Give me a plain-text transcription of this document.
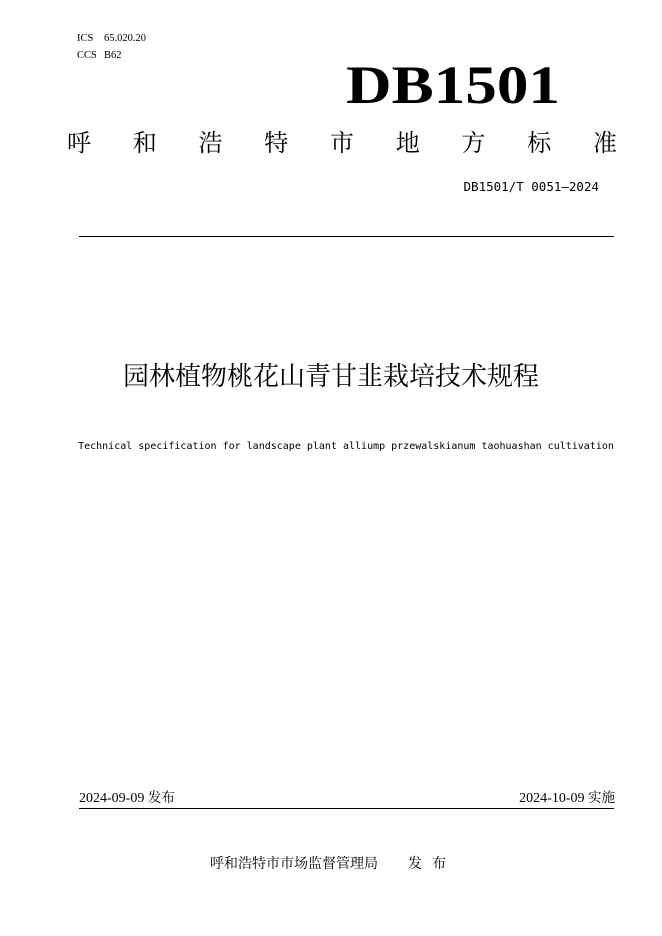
ICS 65.020.20
CCS B62	DB1501
呼 和 浩 特 市 地 方 标 准
DB1501/T 0051—2024
园林植物桃花山青甘韭栽培技术规程
Technical specification for landscape plant alliump przewalskianum taohuashan cultivation
2024-09-09 发布	2024-10-09 实施
呼和浩特市市场监督管理局 发布
